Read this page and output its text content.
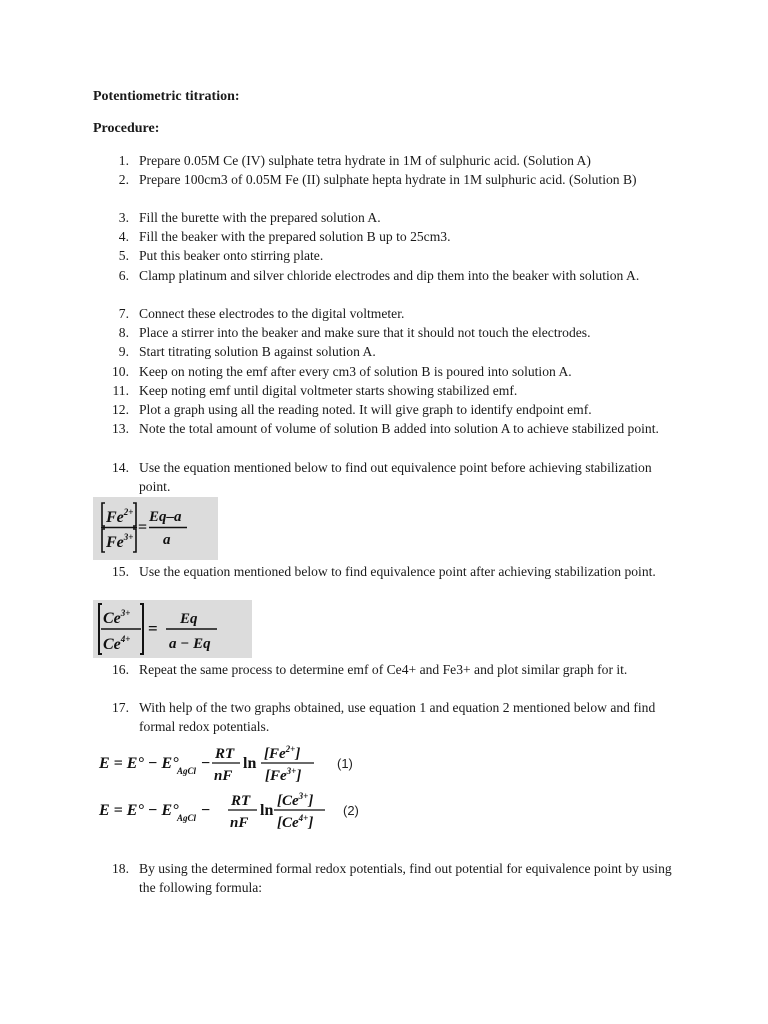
Potentiometric titration:
Procedure:
1. Prepare 0.05M Ce (IV) sulphate tetra hydrate in 1M of sulphuric acid. (Solution A)
2. Prepare 100cm3 of 0.05M Fe (II) sulphate hepta hydrate in 1M sulphuric acid. (Solution B)
3. Fill the burette with the prepared solution A.
4. Fill the beaker with the prepared solution B up to 25cm3.
5. Put this beaker onto stirring plate.
6. Clamp platinum and silver chloride electrodes and dip them into the beaker with solution A.
7. Connect these electrodes to the digital voltmeter.
8. Place a stirrer into the beaker and make sure that it should not touch the electrodes.
9. Start titrating solution B against solution A.
10. Keep on noting the emf after every cm3 of solution B is poured into solution A.
11. Keep noting emf until digital voltmeter starts showing stabilized emf.
12. Plot a graph using all the reading noted. It will give graph to identify endpoint emf.
13. Note the total amount of volume of solution B added into solution A to achieve stabilized point.
14. Use the equation mentioned below to find out equivalence point before achieving stabilization point.
15. Use the equation mentioned below to find equivalence point after achieving stabilization point.
16. Repeat the same process to determine emf of Ce4+ and Fe3+ and plot similar graph for it.
17. With help of the two graphs obtained, use equation 1 and equation 2 mentioned below and find formal redox potentials.
18. By using the determined formal redox potentials, find out potential for equivalence point by using the following formula:
$Fe^{2+}$
$Fe^{3+}$
=
Eq–a
a
$Ce^{3+}$
$Ce^{4+}$
= Eq
a − Eq
E = E° − E°
AgCl −
RT
nF
ln
$[Fe^{2+}]$
$[Fe^{3+}]$
(1)
E = E° − E°
AgCl −
RT
nF
ln
$[Ce^{3+}]$
$[Ce^{4+}]$
(2)
